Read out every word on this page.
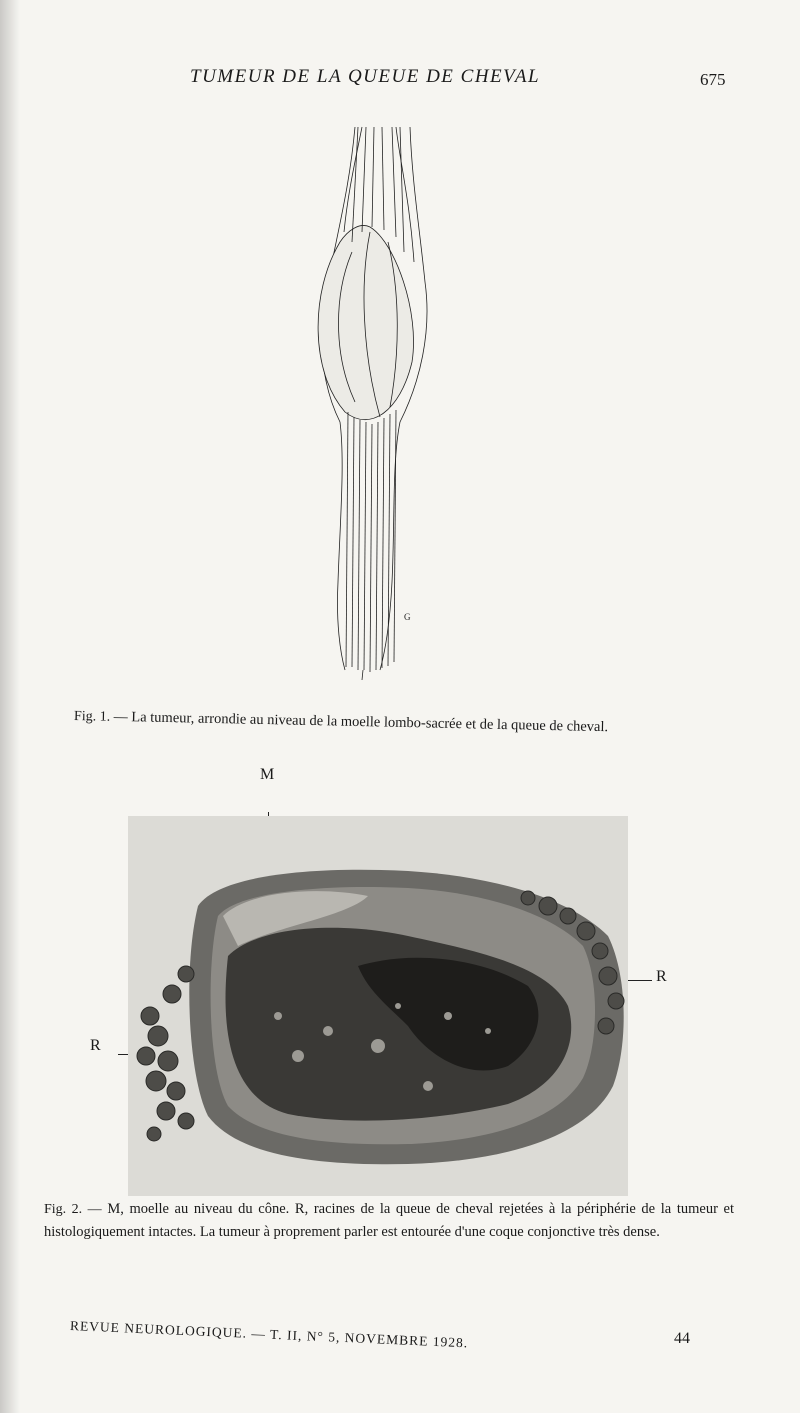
TUMEUR DE LA QUEUE DE CHEVAL	675
G
Fig. 1. — La tumeur, arrondie au niveau de la moelle lombo-sacrée et de la queue de cheval.
M
R
R
Fig. 2. — M, moelle au niveau du cône. R, racines de la queue de cheval rejetées à la périphérie de la tumeur et histologiquement intactes. La tumeur à proprement parler est entourée d'une coque conjonctive très dense.
REVUE NEUROLOGIQUE. — T. II, N° 5, NOVEMBRE 1928.	44
